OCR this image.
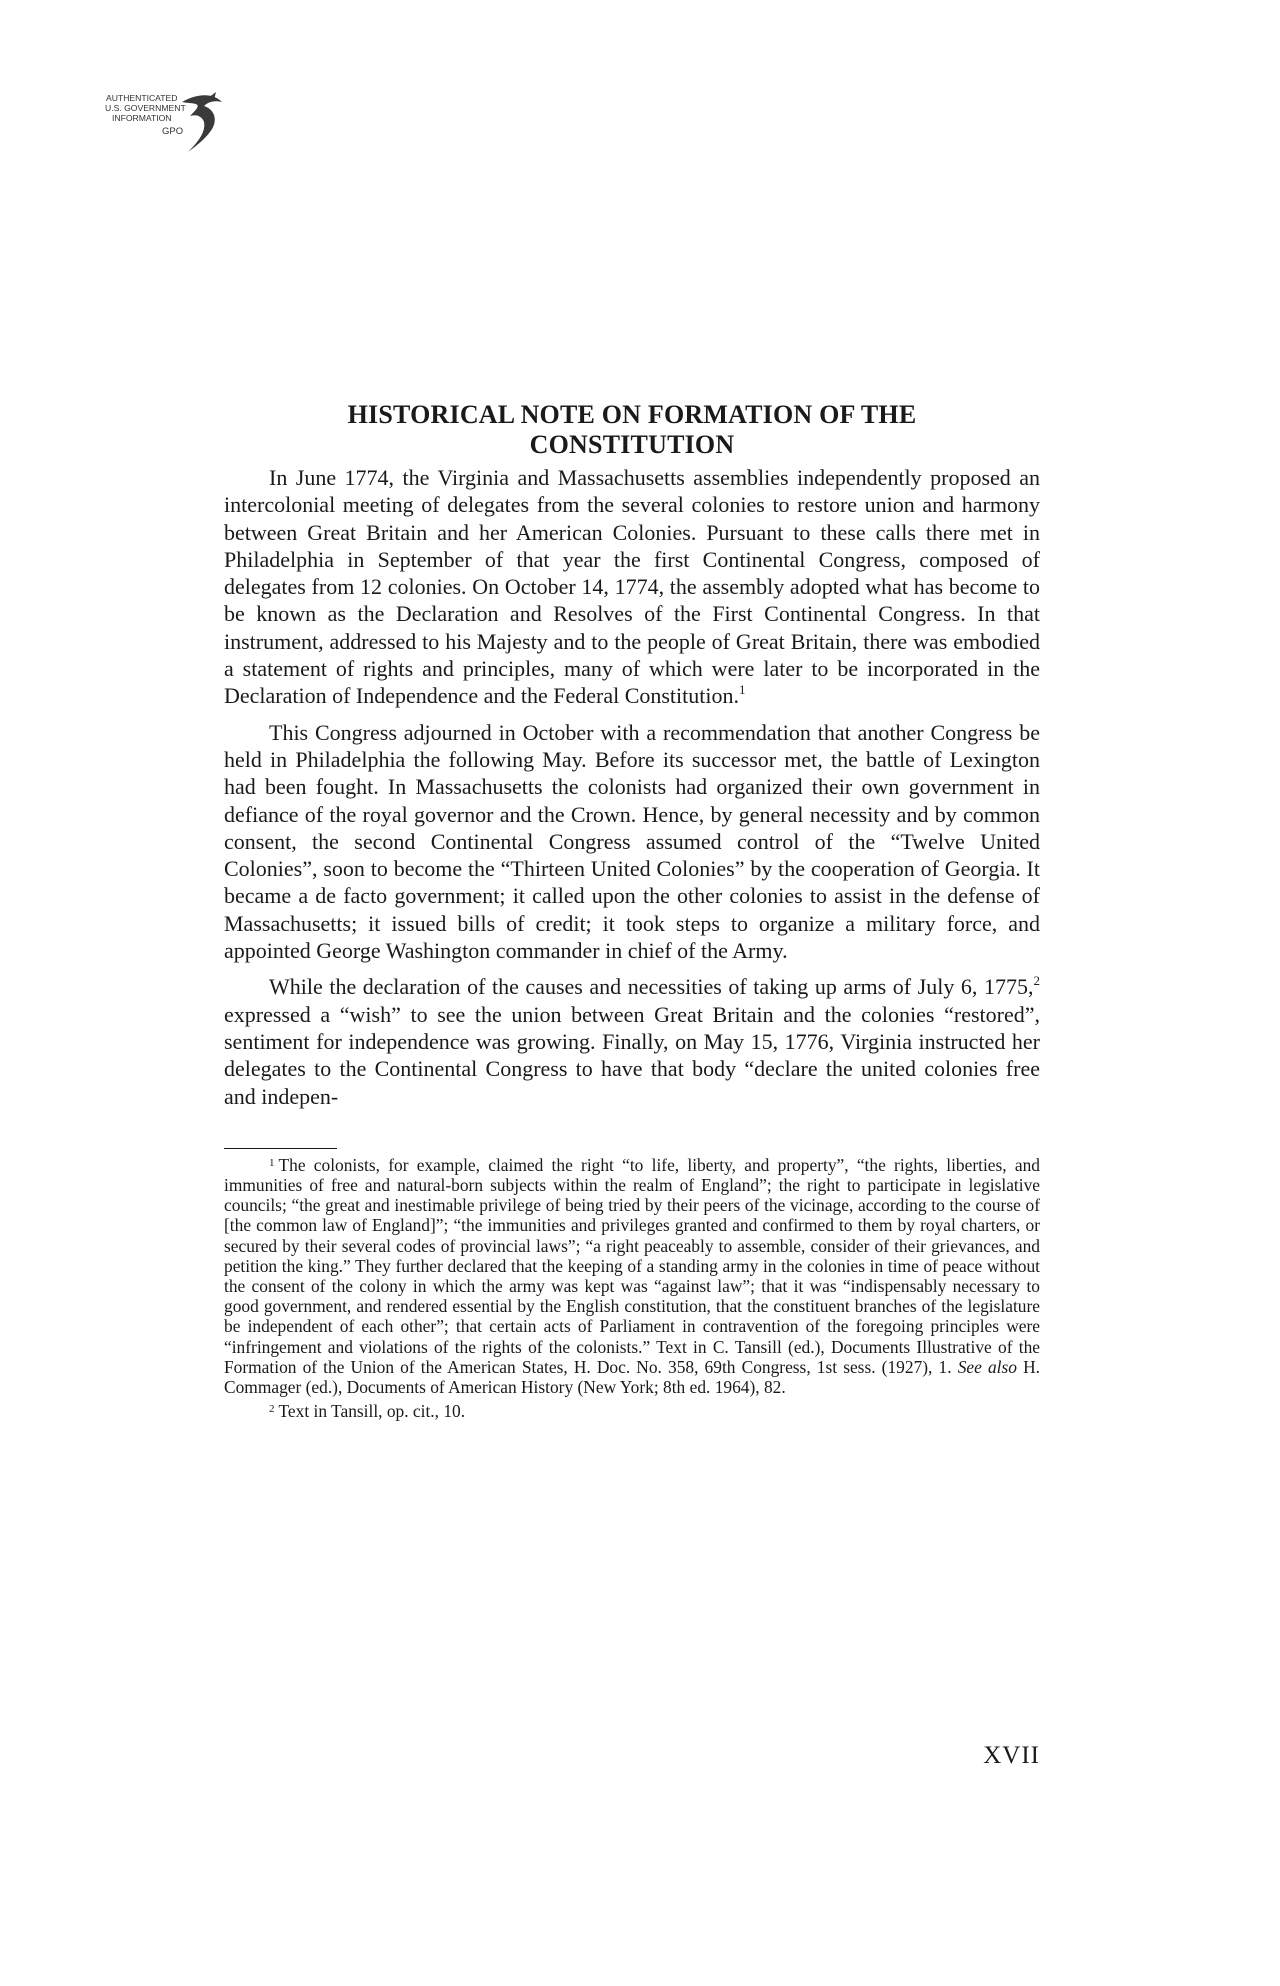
AUTHENTICATED
U.S. GOVERNMENT
INFORMATION
GPO
HISTORICAL NOTE ON FORMATION OF THE
CONSTITUTION

In June 1774, the Virginia and Massachusetts assemblies independently proposed an intercolonial meeting of delegates from the several colonies to restore union and harmony between Great Britain and her American Colonies. Pursuant to these calls there met in Philadelphia in September of that year the first Continental Congress, composed of delegates from 12 colonies. On October 14, 1774, the assembly adopted what has become to be known as the Declaration and Resolves of the First Continental Congress. In that instrument, addressed to his Majesty and to the people of Great Britain, there was embodied a statement of rights and principles, many of which were later to be incorporated in the Declaration of Independence and the Federal Constitution.$^1$

This Congress adjourned in October with a recommendation that another Congress be held in Philadelphia the following May. Before its successor met, the battle of Lexington had been fought. In Massachusetts the colonists had organized their own government in defiance of the royal governor and the Crown. Hence, by general necessity and by common consent, the second Continental Congress assumed control of the “Twelve United Colonies”, soon to become the “Thirteen United Colonies” by the cooperation of Georgia. It became a de facto government; it called upon the other colonies to assist in the defense of Massachusetts; it issued bills of credit; it took steps to organize a military force, and appointed George Washington commander in chief of the Army.

While the declaration of the causes and necessities of taking up arms of July 6, 1775,$^2$ expressed a “wish” to see the union between Great Britain and the colonies “restored”, sentiment for independence was growing. Finally, on May 15, 1776, Virginia instructed her delegates to the Continental Congress to have that body “declare the united colonies free and indepen-

$^1$ The colonists, for example, claimed the right “to life, liberty, and property”, “the rights, liberties, and immunities of free and natural-born subjects within the realm of England”; the right to participate in legislative councils; “the great and inestimable privilege of being tried by their peers of the vicinage, according to the course of [the common law of England]”; “the immunities and privileges granted and confirmed to them by royal charters, or secured by their several codes of provincial laws”; “a right peaceably to assemble, consider of their grievances, and petition the king.” They further declared that the keeping of a standing army in the colonies in time of peace without the consent of the colony in which the army was kept was “against law”; that it was “indispensably necessary to good government, and rendered essential by the English constitution, that the constituent branches of the legislature be independent of each other”; that certain acts of Parliament in contravention of the foregoing principles were “infringement and violations of the rights of the colonists.” Text in C. Tansill (ed.), Documents Illustrative of the Formation of the Union of the American States, H. Doc. No. 358, 69th Congress, 1st sess. (1927), 1. See also H. Commager (ed.), Documents of American History (New York; 8th ed. 1964), 82.

$^2$ Text in Tansill, op. cit., 10.

XVII
